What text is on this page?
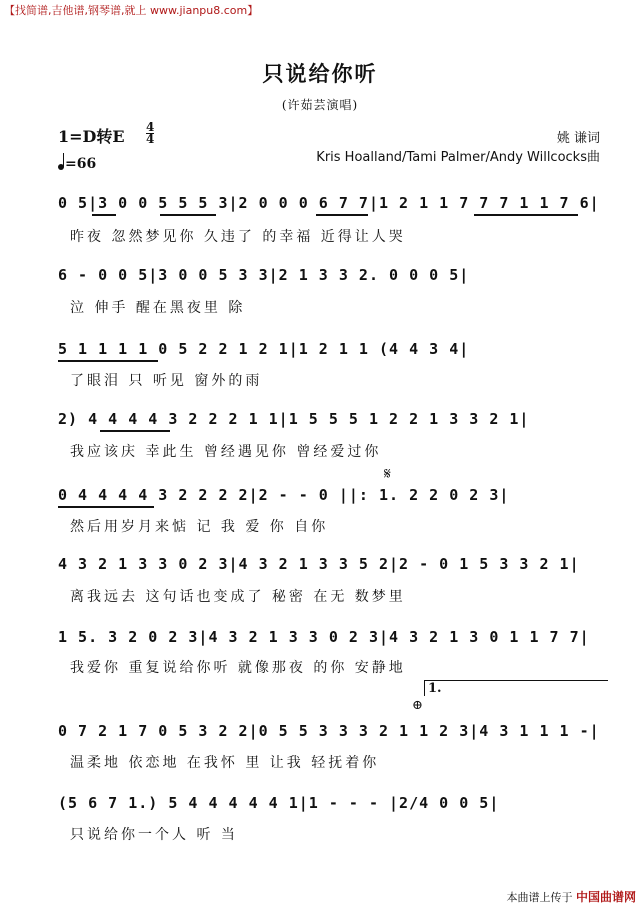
【找简谱,吉他谱,钢琴谱,就上 www.jianpu8.com】
只说给你听
(许茹芸演唱)
1=D转E 4
4
=66
姚 谦词
Kris Hoalland/Tami Palmer/Andy Willcocks曲
0 5|3 0 0 5 5 5 3|2 0 0 0 6 7 7|1 2 1 1 7 7 7 1 1 7 6|
昨夜 忽然梦见你 久违了 的幸福 近得让人哭
6 - 0 0 5|3 0 0 5 3 3|2 1 3 3 2. 0 0 0 5|
泣 伸手 醒在黑夜里 除
5 1 1 1 1 0 5 2 2 1 2 1|1 2 1 1 (4 4 3 4|
了眼泪 只 听见 窗外的雨
2) 4 4 4 4 3 2 2 2 1 1|1 5 5 5 1 2 2 1 3 3 2 1|
我应该庆 幸此生 曾经遇见你 曾经爱过你
𝄋
0 4 4 4 4 3 2 2 2 2|2 - - 0 ||: 1. 2 2 0 2 3|
然后用岁月来惦 记 我 爱 你 自你
4 3 2 1 3 3 0 2 3|4 3 2 1 3 3 5 2|2 - 0 1 5 3 3 2 1|
离我远去 这句话也变成了 秘密 在无 数梦里
1 5. 3 2 0 2 3|4 3 2 1 3 3 0 2 3|4 3 2 1 3 0 1 1 7 7|
我爱你 重复说给你听 就像那夜 的你 安静地
1.
⊕
0 7 2 1 7 0 5 3 2 2|0 5 5 3 3 3 2 1 1 2 3|4 3 1 1 1 -|
温柔地 依恋地 在我怀 里 让我 轻抚着你
(5 6 7 1.) 5 4 4 4 4 4 1|1 - - - |2/4 0 0 5|
只说给你一个人 听 当
本曲谱上传于 中国曲谱网
